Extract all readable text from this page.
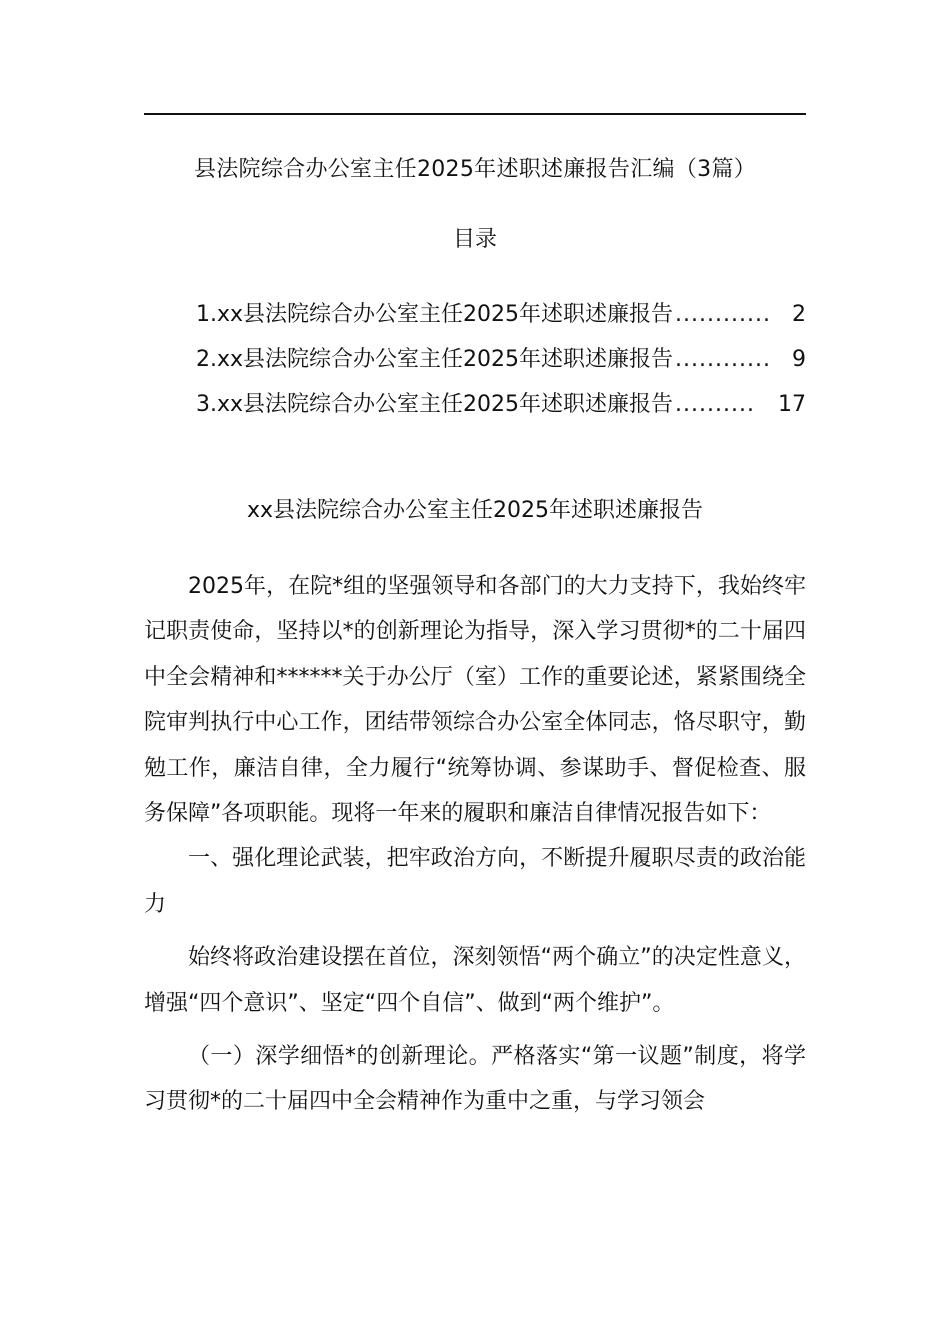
县法院综合办公室主任2025年述职述廉报告汇编（3篇）
目录
1.xx县法院综合办公室主任2025年述职述廉报告 ............ 2
2.xx县法院综合办公室主任2025年述职述廉报告 ............ 9
3.xx县法院综合办公室主任2025年述职述廉报告 ..........	17
xx县法院综合办公室主任2025年述职述廉报告

2025年，在院*组的坚强领导和各部门的大力支持下，我始终牢记职责使命，坚持以*的创新理论为指导，深入学习贯彻*的二十届四中全会精神和******关于办公厅（室）工作的重要论述，紧紧围绕全院审判执行中心工作，团结带领综合办公室全体同志，恪尽职守，勤勉工作，廉洁自律，全力履行“统筹协调、参谋助手、督促检查、服务保障”各项职能。现将一年来的履职和廉洁自律情况报告如下：

一、强化理论武装，把牢政治方向，不断提升履职尽责的政治能力

始终将政治建设摆在首位，深刻领悟“两个确立”的决定性意义，增强“四个意识”、坚定“四个自信”、做到“两个维护”。

（一）深学细悟*的创新理论。严格落实“第一议题”制度，将学习贯彻*的二十届四中全会精神作为重中之重，与学习领会
